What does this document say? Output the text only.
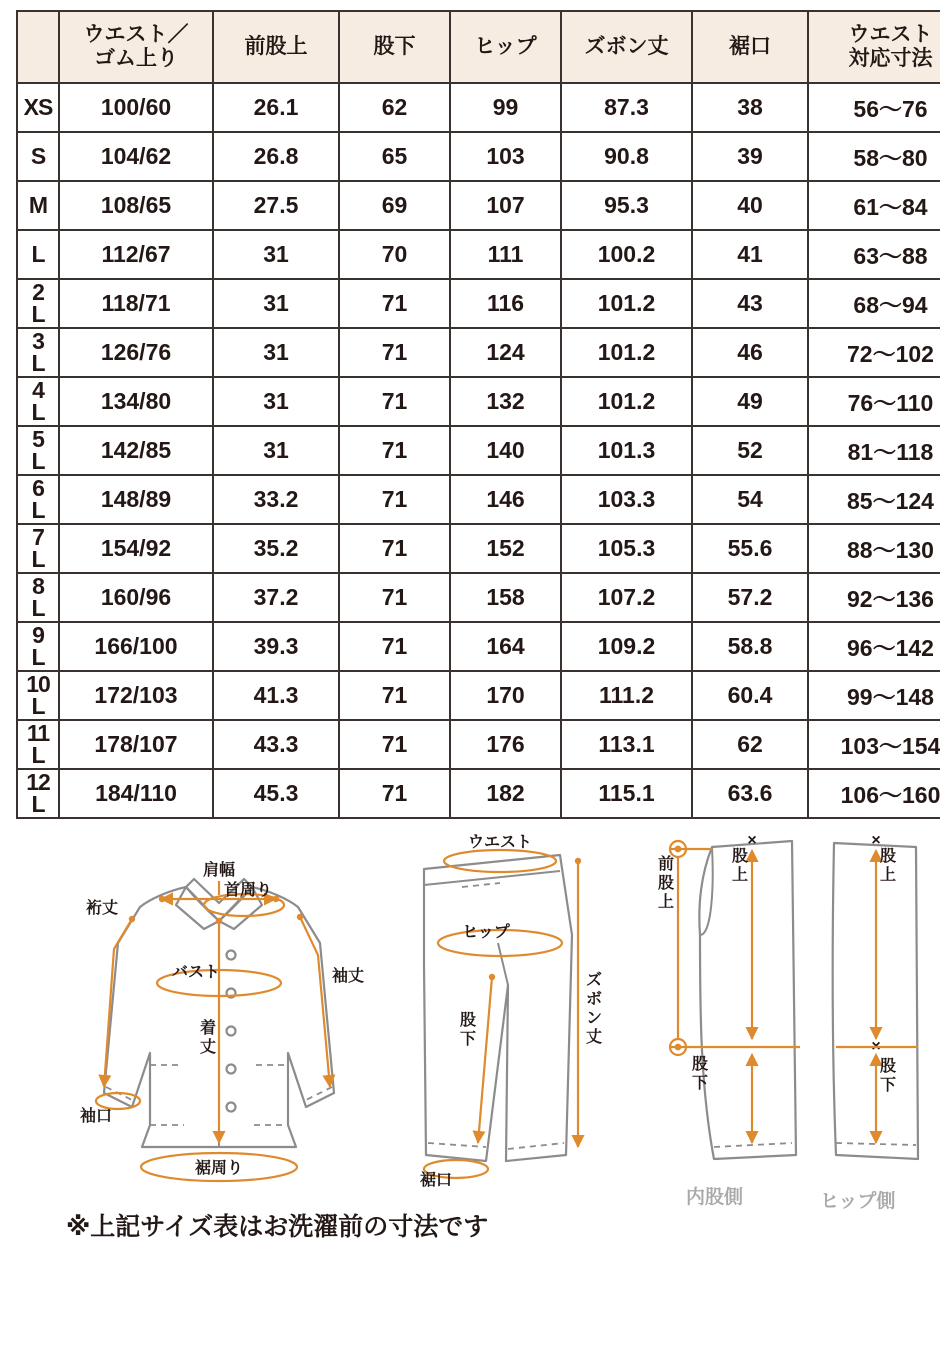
	ウエスト／
ゴム上り	前股上	股下	ヒップ	ズボン丈	裾口	ウエスト
対応寸法

XS	100/60	26.1	62	99	87.3	38	56〜76

S	104/62	26.8	65	103	90.8	39	58〜80

M	108/65	27.5	69	107	95.3	40	61〜84

L	112/67	31	70	111	100.2	41	63〜88

2
L	118/71	31	71	116	101.2	43	68〜94

3
L	126/76	31	71	124	101.2	46	72〜102

4
L	134/80	31	71	132	101.2	49	76〜110

5
L	142/85	31	71	140	101.3	52	81〜118

6
L	148/89	33.2	71	146	103.3	54	85〜124

7
L	154/92	35.2	71	152	105.3	55.6	88〜130

8
L	160/96	37.2	71	158	107.2	57.2	92〜136

9
L	166/100	39.3	71	164	109.2	58.8	96〜142

10
L	172/103	41.3	71	170	111.2	60.4	99〜148

11
L	178/107	43.3	71	176	113.1	62	103〜154

12
L	184/110	45.3	71	182	115.1	63.6	106〜160
肩幅
首周り
裄丈
バスト	袖丈
着丈
袖口
裾周り
ウエスト
ヒップ
ズボン丈
股下
裾口
前股上
股上
×
股下
×
股上
×
股下
内股側	ヒップ側
※上記サイズ表はお洗濯前の寸法です
